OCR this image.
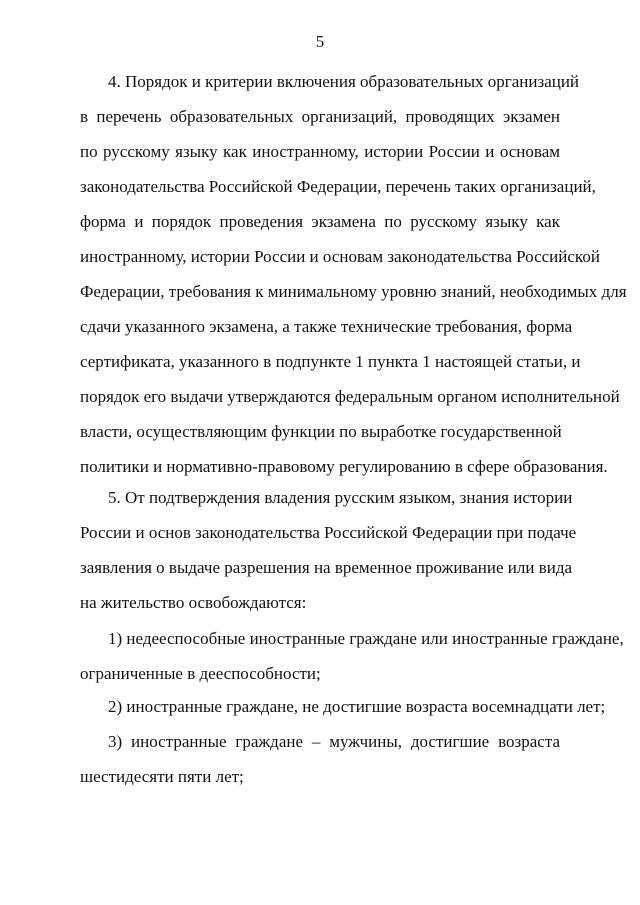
5
4. Порядок и критерии включения образовательных организаций
в перечень образовательных организаций, проводящих экзамен
по русскому языку как иностранному, истории России и основам
законодательства Российской Федерации, перечень таких организаций,
форма и порядок проведения экзамена по русскому языку как
иностранному, истории России и основам законодательства Российской
Федерации, требования к минимальному уровню знаний, необходимых для
сдачи указанного экзамена, а также технические требования, форма
сертификата, указанного в подпункте 1 пункта 1 настоящей статьи, и
порядок его выдачи утверждаются федеральным органом исполнительной
власти, осуществляющим функции по выработке государственной
политики и нормативно-правовому регулированию в сфере образования.
5. От подтверждения владения русским языком, знания истории
России и основ законодательства Российской Федерации при подаче
заявления о выдаче разрешения на временное проживание или вида
на жительство освобождаются:
1) недееспособные иностранные граждане или иностранные граждане,
ограниченные в дееспособности;
2) иностранные граждане, не достигшие возраста восемнадцати лет;
3) иностранные граждане – мужчины, достигшие возраста
шестидесяти пяти лет;
